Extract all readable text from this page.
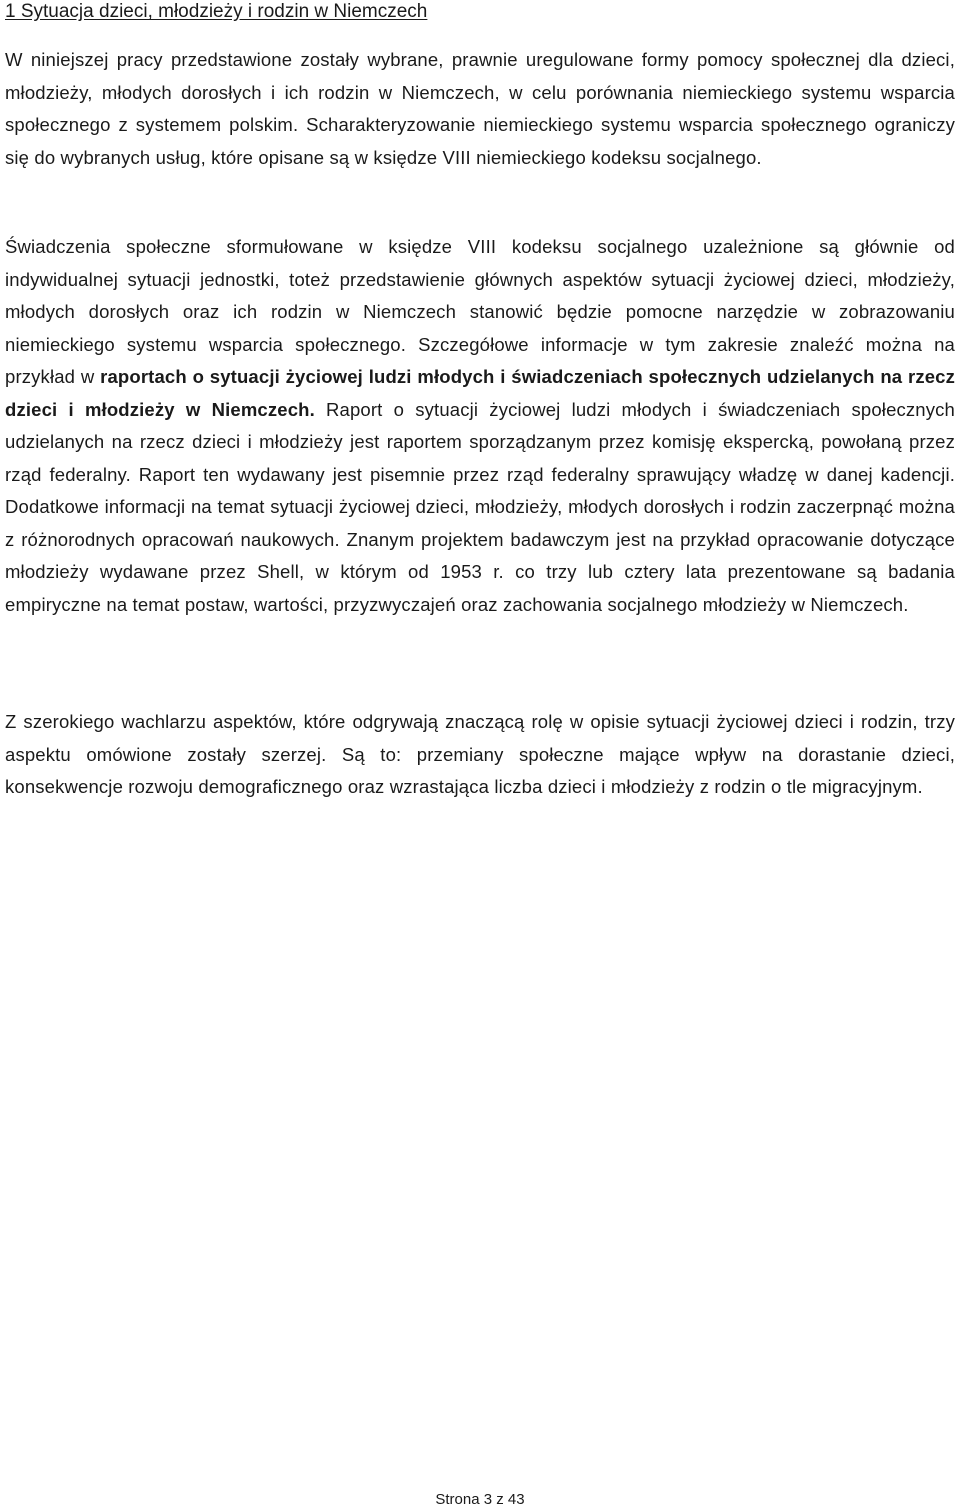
1 Sytuacja dzieci, młodzieży i rodzin w Niemczech

W niniejszej pracy przedstawione zostały wybrane, prawnie uregulowane formy pomocy społecznej dla dzieci, młodzieży, młodych dorosłych i ich rodzin w Niemczech, w celu porównania niemieckiego systemu wsparcia społecznego z systemem polskim. Scharakteryzowanie niemieckiego systemu wsparcia społecznego ograniczy się do wybranych usług, które opisane są w księdze VIII niemieckiego kodeksu socjalnego.

Świadczenia społeczne sformułowane w księdze VIII kodeksu socjalnego uzależnione są głównie od indywidualnej sytuacji jednostki, toteż przedstawienie głównych aspektów sytuacji życiowej dzieci, młodzieży, młodych dorosłych oraz ich rodzin w Niemczech stanowić będzie pomocne narzędzie w zobrazowaniu niemieckiego systemu wsparcia społecznego. Szczegółowe informacje w tym zakresie znaleźć można na przykład w raportach o sytuacji życiowej ludzi młodych i świadczeniach społecznych udzielanych na rzecz dzieci i młodzieży w Niemczech. Raport o sytuacji życiowej ludzi młodych i świadczeniach społecznych udzielanych na rzecz dzieci i młodzieży jest raportem sporządzanym przez komisję ekspercką, powołaną przez rząd federalny. Raport ten wydawany jest pisemnie przez rząd federalny sprawujący władzę w danej kadencji. Dodatkowe informacji na temat sytuacji życiowej dzieci, młodzieży, młodych dorosłych i rodzin zaczerpnąć można z różnorodnych opracowań naukowych. Znanym projektem badawczym jest na przykład opracowanie dotyczące młodzieży wydawane przez Shell, w którym od 1953 r. co trzy lub cztery lata prezentowane są badania empiryczne na temat postaw, wartości, przyzwyczajeń oraz zachowania socjalnego młodzieży w Niemczech.

Z szerokiego wachlarzu aspektów, które odgrywają znaczącą rolę w opisie sytuacji życiowej dzieci i rodzin, trzy aspektu omówione zostały szerzej. Są to: przemiany społeczne mające wpływ na dorastanie dzieci, konsekwencje rozwoju demograficznego oraz wzrastająca liczba dzieci i młodzieży z rodzin o tle migracyjnym.

Strona 3 z 43
